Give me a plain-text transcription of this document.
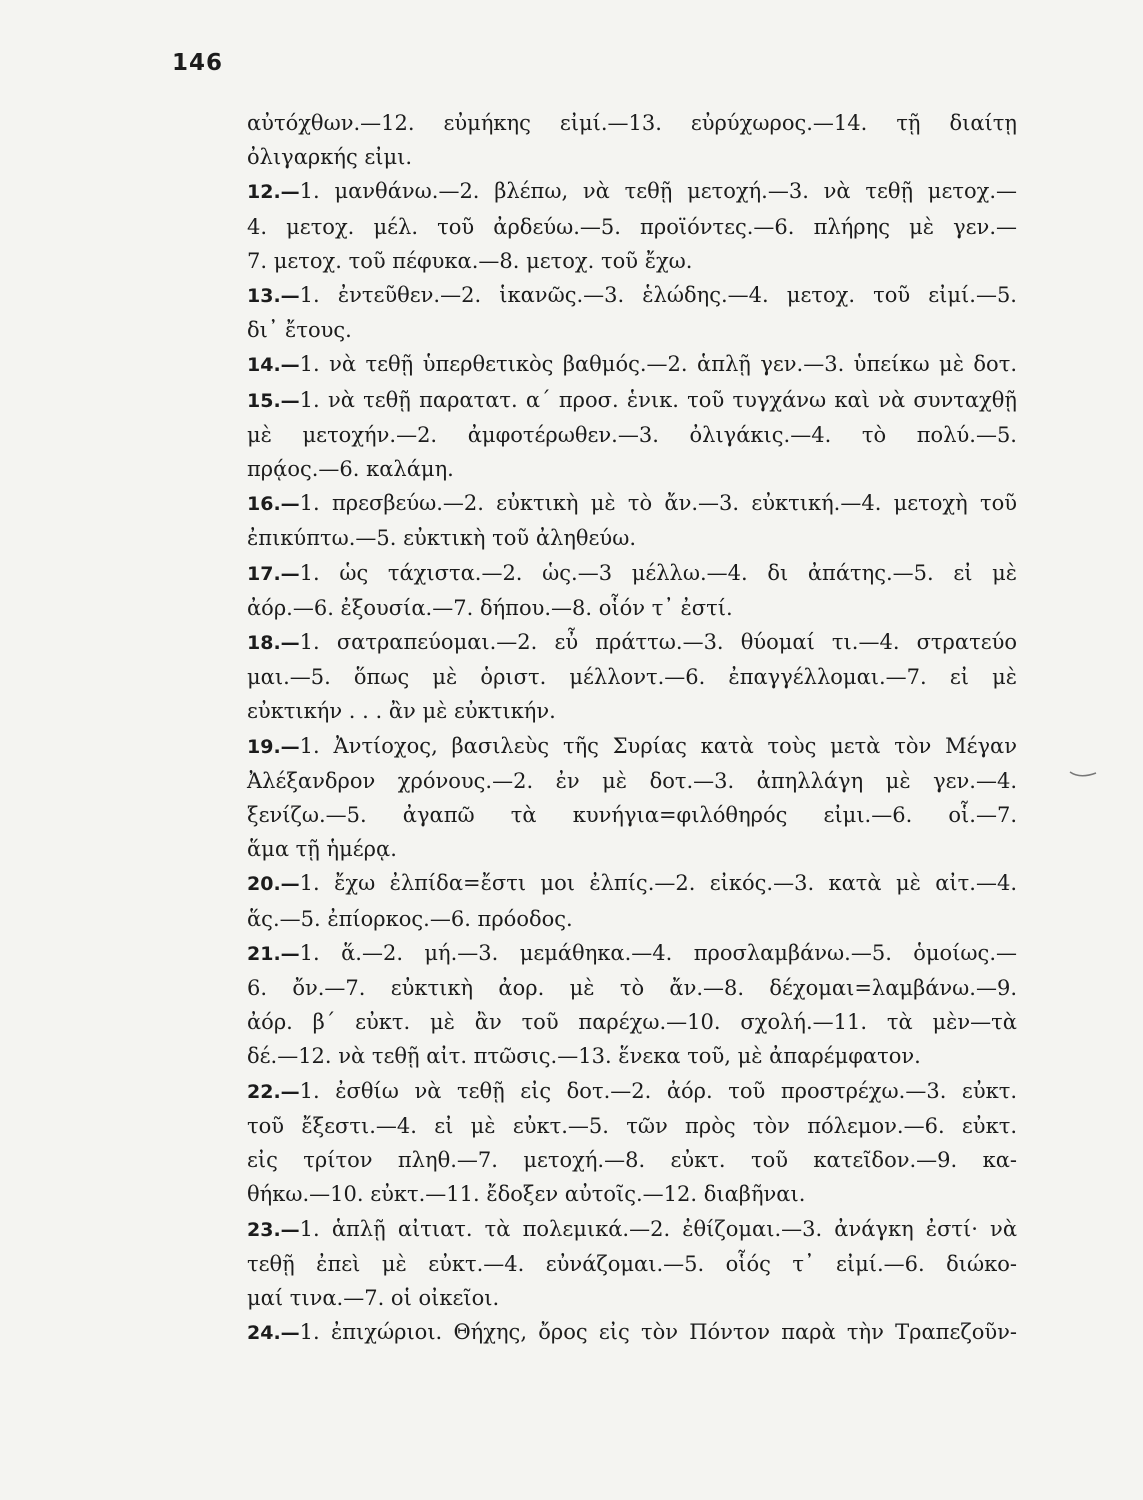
146
αὐτόχθων.—12. εὐμήκης εἰμί.—13. εὐρύχωρος.—14. τῇ διαίτῃ
ὀλιγαρκής εἰμι.
12.—1. μανθάνω.—2. βλέπω, νὰ τεθῇ μετοχή.—3. νὰ τεθῇ μετοχ.—
4. μετοχ. μέλ. τοῦ ἀρδεύω.—5. προϊόντες.—6. πλήρης μὲ γεν.—
7. μετοχ. τοῦ πέφυκα.—8. μετοχ. τοῦ ἔχω.
13.—1. ἐντεῦθεν.—2. ἱκανῶς.—3. ἑλώδης.—4. μετοχ. τοῦ εἰμί.—5.
δι᾿ ἔτους.
14.—1. νὰ τεθῇ ὑπερθετικὸς βαθμός.—2. ἁπλῇ γεν.—3. ὑπείκω μὲ δοτ.
15.—1. νὰ τεθῇ παρατατ. α΄ προσ. ἑνικ. τοῦ τυγχάνω καὶ νὰ συνταχθῇ
μὲ μετοχήν.—2. ἀμφοτέρωθεν.—3. ὀλιγάκις.—4. τὸ πολύ.—5.
πρᾴος.—6. καλάμη.
16.—1. πρεσβεύω.—2. εὐκτικὴ μὲ τὸ ἄν.—3. εὐκτική.—4. μετοχὴ τοῦ
ἐπικύπτω.—5. εὐκτικὴ τοῦ ἀληθεύω.
17.—1. ὡς τάχιστα.—2. ὡς.—3 μέλλω.—4. δι ἀπάτης.—5. εἰ μὲ
ἀόρ.—6. ἐξουσία.—7. δήπου.—8. οἷόν τ᾿ ἐστί.
18.—1. σατραπεύομαι.—2. εὖ πράττω.—3. θύομαί τι.—4. στρατεύο
μαι.—5. ὅπως μὲ ὁριστ. μέλλοντ.—6. ἐπαγγέλλομαι.—7. εἰ μὲ
εὐκτικήν . . . ἂν μὲ εὐκτικήν.
19.—1. Ἀντίοχος, βασιλεὺς τῆς Συρίας κατὰ τοὺς μετὰ τὸν Μέγαν
Ἀλέξανδρον χρόνους.—2. ἐν μὲ δοτ.—3. ἀπηλλάγη μὲ γεν.—4.
ξενίζω.—5. ἀγαπῶ τὰ κυνήγια=φιλόθηρός εἰμι.—6. οἷ.—7.
ἅμα τῇ ἡμέρᾳ.
20.—1. ἔχω ἐλπίδα=ἔστι μοι ἐλπίς.—2. εἰκός.—3. κατὰ μὲ αἰτ.—4.
ἅς.—5. ἐπίορκος.—6. πρόοδος.
21.—1. ἅ.—2. μή.—3. μεμάθηκα.—4. προσλαμβάνω.—5. ὁμοίως.—
6. ὄν.—7. εὐκτικὴ ἀορ. μὲ τὸ ἄν.—8. δέχομαι=λαμβάνω.—9.
ἀόρ. β΄ εὐκτ. μὲ ἂν τοῦ παρέχω.—10. σχολή.—11. τὰ μὲν—τὰ
δέ.—12. νὰ τεθῇ αἰτ. πτῶσις.—13. ἕνεκα τοῦ, μὲ ἀπαρέμφατον.
22.—1. ἐσθίω νὰ τεθῇ εἰς δοτ.—2. ἀόρ. τοῦ προστρέχω.—3. εὐκτ.
τοῦ ἔξεστι.—4. εἰ μὲ εὐκτ.—5. τῶν πρὸς τὸν πόλεμον.—6. εὐκτ.
εἰς τρίτον πληθ.—7. μετοχή.—8. εὐκτ. τοῦ κατεῖδον.—9. κα-
θήκω.—10. εὐκτ.—11. ἔδοξεν αὐτοῖς.—12. διαβῆναι.
23.—1. ἁπλῇ αἰτιατ. τὰ πολεμικά.—2. ἐθίζομαι.—3. ἀνάγκη ἐστί· νὰ
τεθῇ ἐπεὶ μὲ εὐκτ.—4. εὐνάζομαι.—5. οἷός τ᾿ εἰμί.—6. διώκο-
μαί τινα.—7. οἱ οἰκεῖοι.
24.—1. ἐπιχώριοι. Θήχης, ὄρος εἰς τὸν Πόντον παρὰ τὴν Τραπεζοῦν-
